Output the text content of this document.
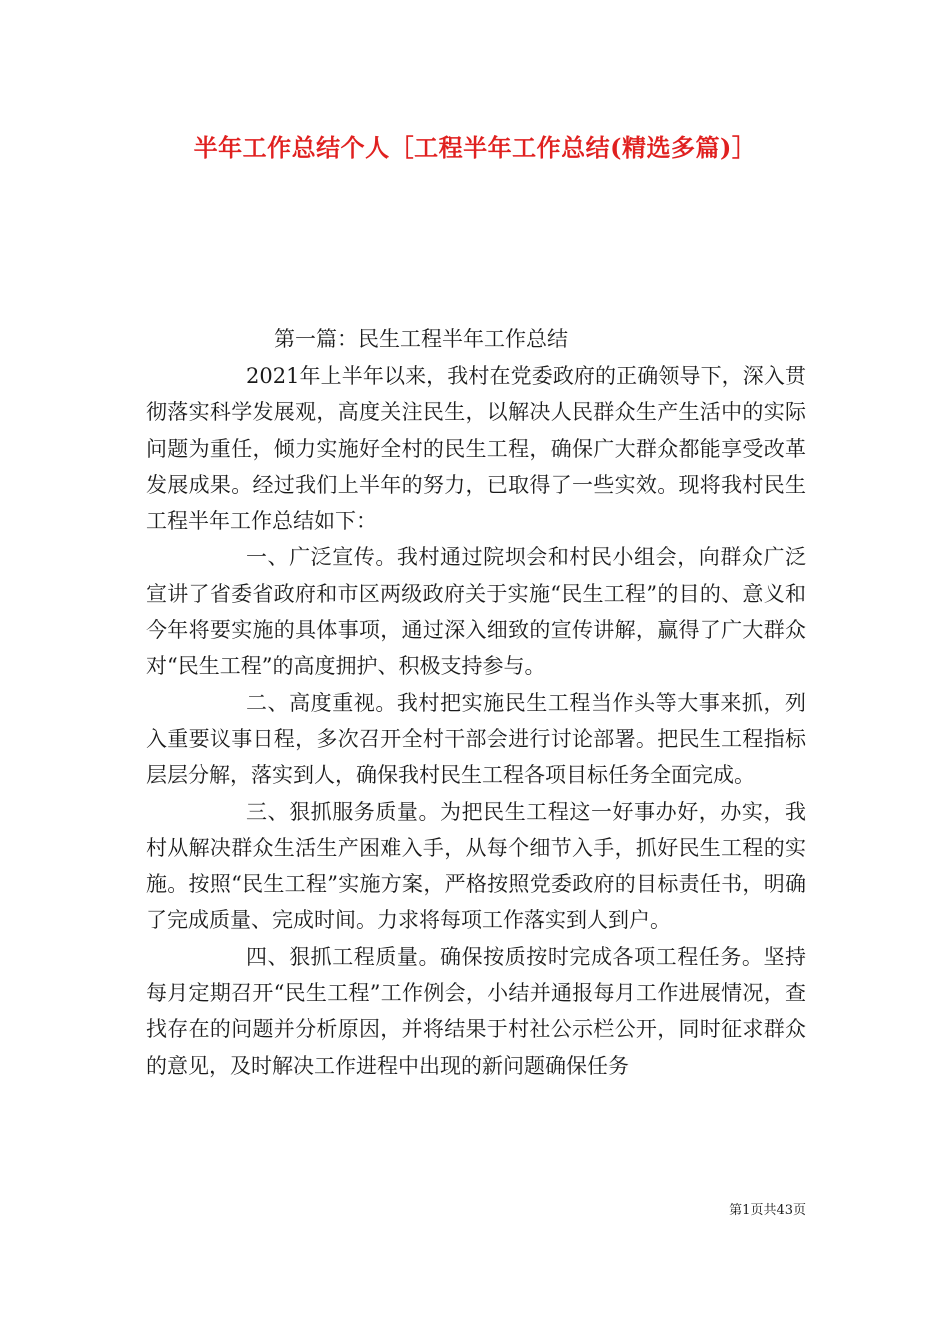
半年工作总结个人［工程半年工作总结(精选多篇)］
第一篇：民生工程半年工作总结

2021年上半年以来，我村在党委政府的正确领导下，深入贯彻落实科学发展观，高度关注民生，以解决人民群众生产生活中的实际问题为重任，倾力实施好全村的民生工程，确保广大群众都能享受改革发展成果。经过我们上半年的努力，已取得了一些实效。现将我村民生工程半年工作总结如下：

一、广泛宣传。我村通过院坝会和村民小组会，向群众广泛宣讲了省委省政府和市区两级政府关于实施“民生工程”的目的、意义和今年将要实施的具体事项，通过深入细致的宣传讲解，赢得了广大群众对“民生工程”的高度拥护、积极支持参与。

二、高度重视。我村把实施民生工程当作头等大事来抓，列入重要议事日程，多次召开全村干部会进行讨论部署。把民生工程指标层层分解，落实到人，确保我村民生工程各项目标任务全面完成。

三、狠抓服务质量。为把民生工程这一好事办好，办实，我村从解决群众生活生产困难入手，从每个细节入手，抓好民生工程的实施。按照“民生工程”实施方案，严格按照党委政府的目标责任书，明确了完成质量、完成时间。力求将每项工作落实到人到户。

四、狠抓工程质量。确保按质按时完成各项工程任务。坚持每月定期召开“民生工程”工作例会，小结并通报每月工作进展情况，查找存在的问题并分析原因，并将结果于村社公示栏公开，同时征求群众的意见，及时解决工作进程中出现的新问题确保任务

第1页共43页
